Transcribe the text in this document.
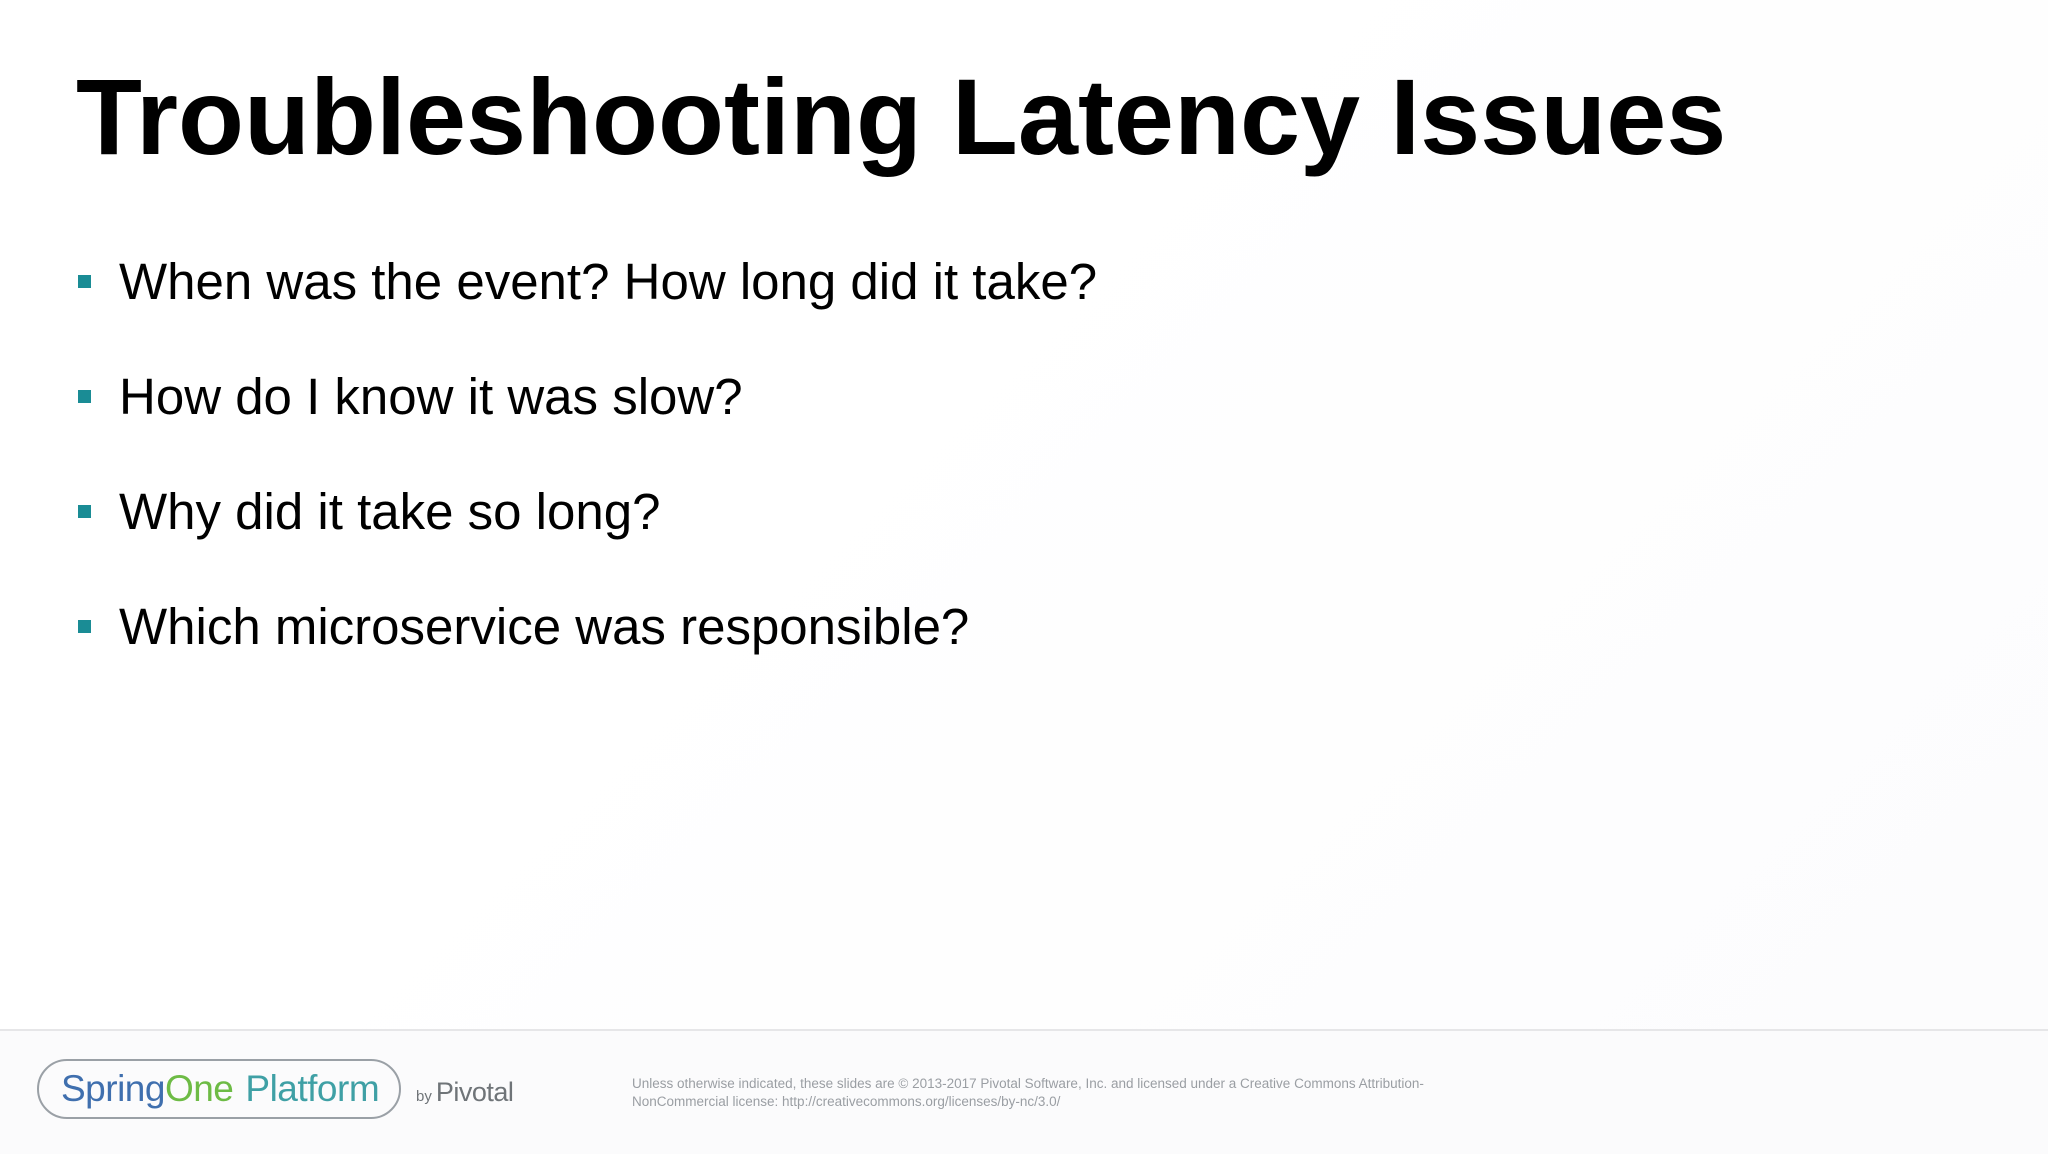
Troubleshooting Latency Issues
When was the event? How long did it take?
How do I know it was slow?
Why did it take so long?
Which microservice was responsible?
Spring One Platform by Pivotal	Unless otherwise indicated, these slides are © 2013-2017 Pivotal Software, Inc. and licensed under a Creative Commons Attribution-
NonCommercial license: http://creativecommons.org/licenses/by-nc/3.0/
